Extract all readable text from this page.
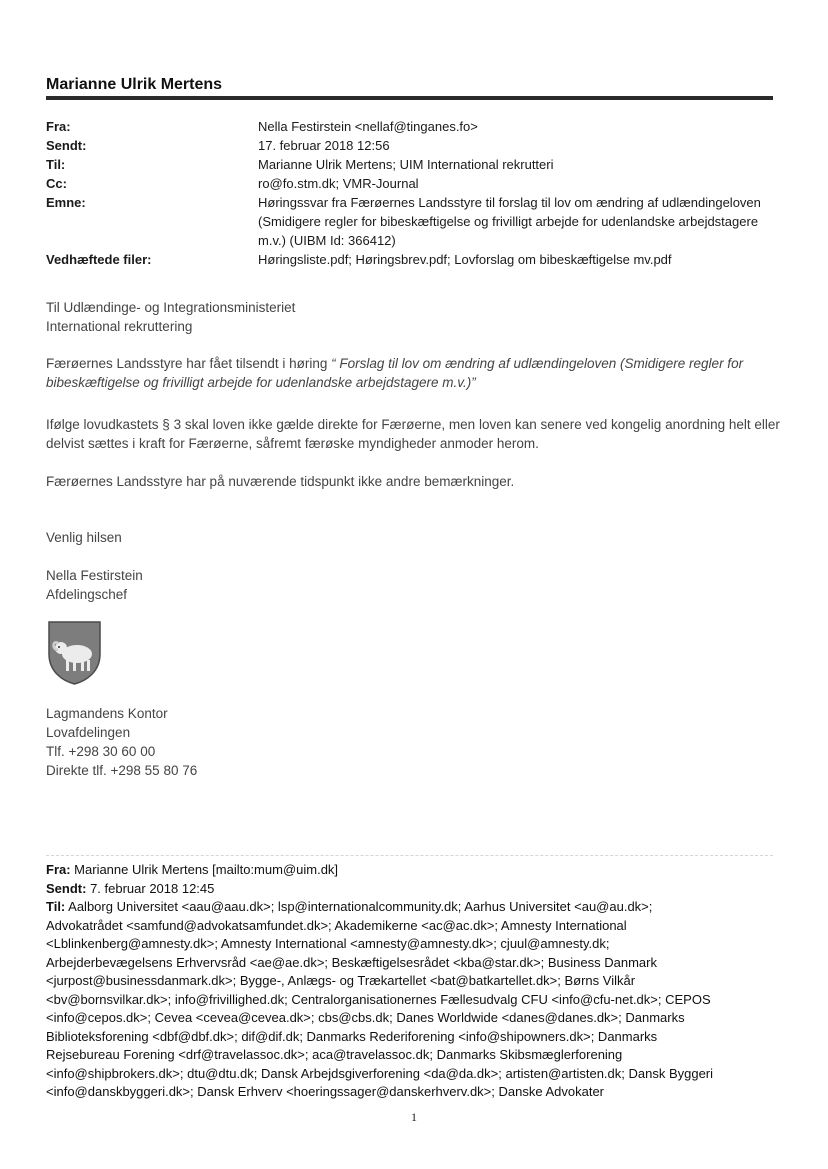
Marianne Ulrik Mertens
Fra:	Nella Festirstein <nellaf@tinganes.fo>
Sendt:	17. februar 2018 12:56
Til:	Marianne Ulrik Mertens; UIM International rekrutteri
Cc:	ro@fo.stm.dk; VMR-Journal
Emne:	Høringssvar fra Færøernes Landsstyre til forslag til lov om ændring af udlændingeloven (Smidigere regler for bibeskæftigelse og frivilligt arbejde for udenlandske arbejdstagere m.v.) (UIBM Id: 366412)
Vedhæftede filer:	Høringsliste.pdf; Høringsbrev.pdf; Lovforslag om bibeskæftigelse mv.pdf

Til Udlændinge- og Integrationsministeriet

International rekruttering

Færøernes Landsstyre har fået tilsendt i høring “ Forslag til lov om ændring af udlændingeloven (Smidigere regler for bibeskæftigelse og frivilligt arbejde for udenlandske arbejdstagere m.v.)”

Ifølge lovudkastets § 3 skal loven ikke gælde direkte for Færøerne, men loven kan senere ved kongelig anordning helt eller delvist sættes i kraft for Færøerne, såfremt færøske myndigheder anmoder herom.

Færøernes Landsstyre har på nuværende tidspunkt ikke andre bemærkninger.

Venlig hilsen

Nella Festirstein

Afdelingschef

Lagmandens Kontor

Lovafdelingen

Tlf. +298 30 60 00

Direkte tlf. +298 55 80 76

Fra: Marianne Ulrik Mertens [mailto:mum@uim.dk]
Sendt: 7. februar 2018 12:45
Til: Aalborg Universitet <aau@aau.dk>; lsp@internationalcommunity.dk; Aarhus Universitet <au@au.dk>;
Advokatrådet <samfund@advokatsamfundet.dk>; Akademikerne <ac@ac.dk>; Amnesty International
<Lblinkenberg@amnesty.dk>; Amnesty International <amnesty@amnesty.dk>; cjuul@amnesty.dk;
Arbejderbevægelsens Erhvervsråd <ae@ae.dk>; Beskæftigelsesrådet <kba@star.dk>; Business Danmark
<jurpost@businessdanmark.dk>; Bygge-, Anlægs- og Trækartellet <bat@batkartellet.dk>; Børns Vilkår
<bv@bornsvilkar.dk>; info@frivillighed.dk; Centralorganisationernes Fællesudvalg CFU <info@cfu-net.dk>; CEPOS
<info@cepos.dk>; Cevea <cevea@cevea.dk>; cbs@cbs.dk; Danes Worldwide <danes@danes.dk>; Danmarks
Biblioteksforening <dbf@dbf.dk>; dif@dif.dk; Danmarks Rederiforening <info@shipowners.dk>; Danmarks
Rejsebureau Forening <drf@travelassoc.dk>; aca@travelassoc.dk; Danmarks Skibsmæglerforening
<info@shipbrokers.dk>; dtu@dtu.dk; Dansk Arbejdsgiverforening <da@da.dk>; artisten@artisten.dk; Dansk Byggeri
<info@danskbyggeri.dk>; Dansk Erhverv <hoeringssager@danskerhverv.dk>; Danske Advokater
1
